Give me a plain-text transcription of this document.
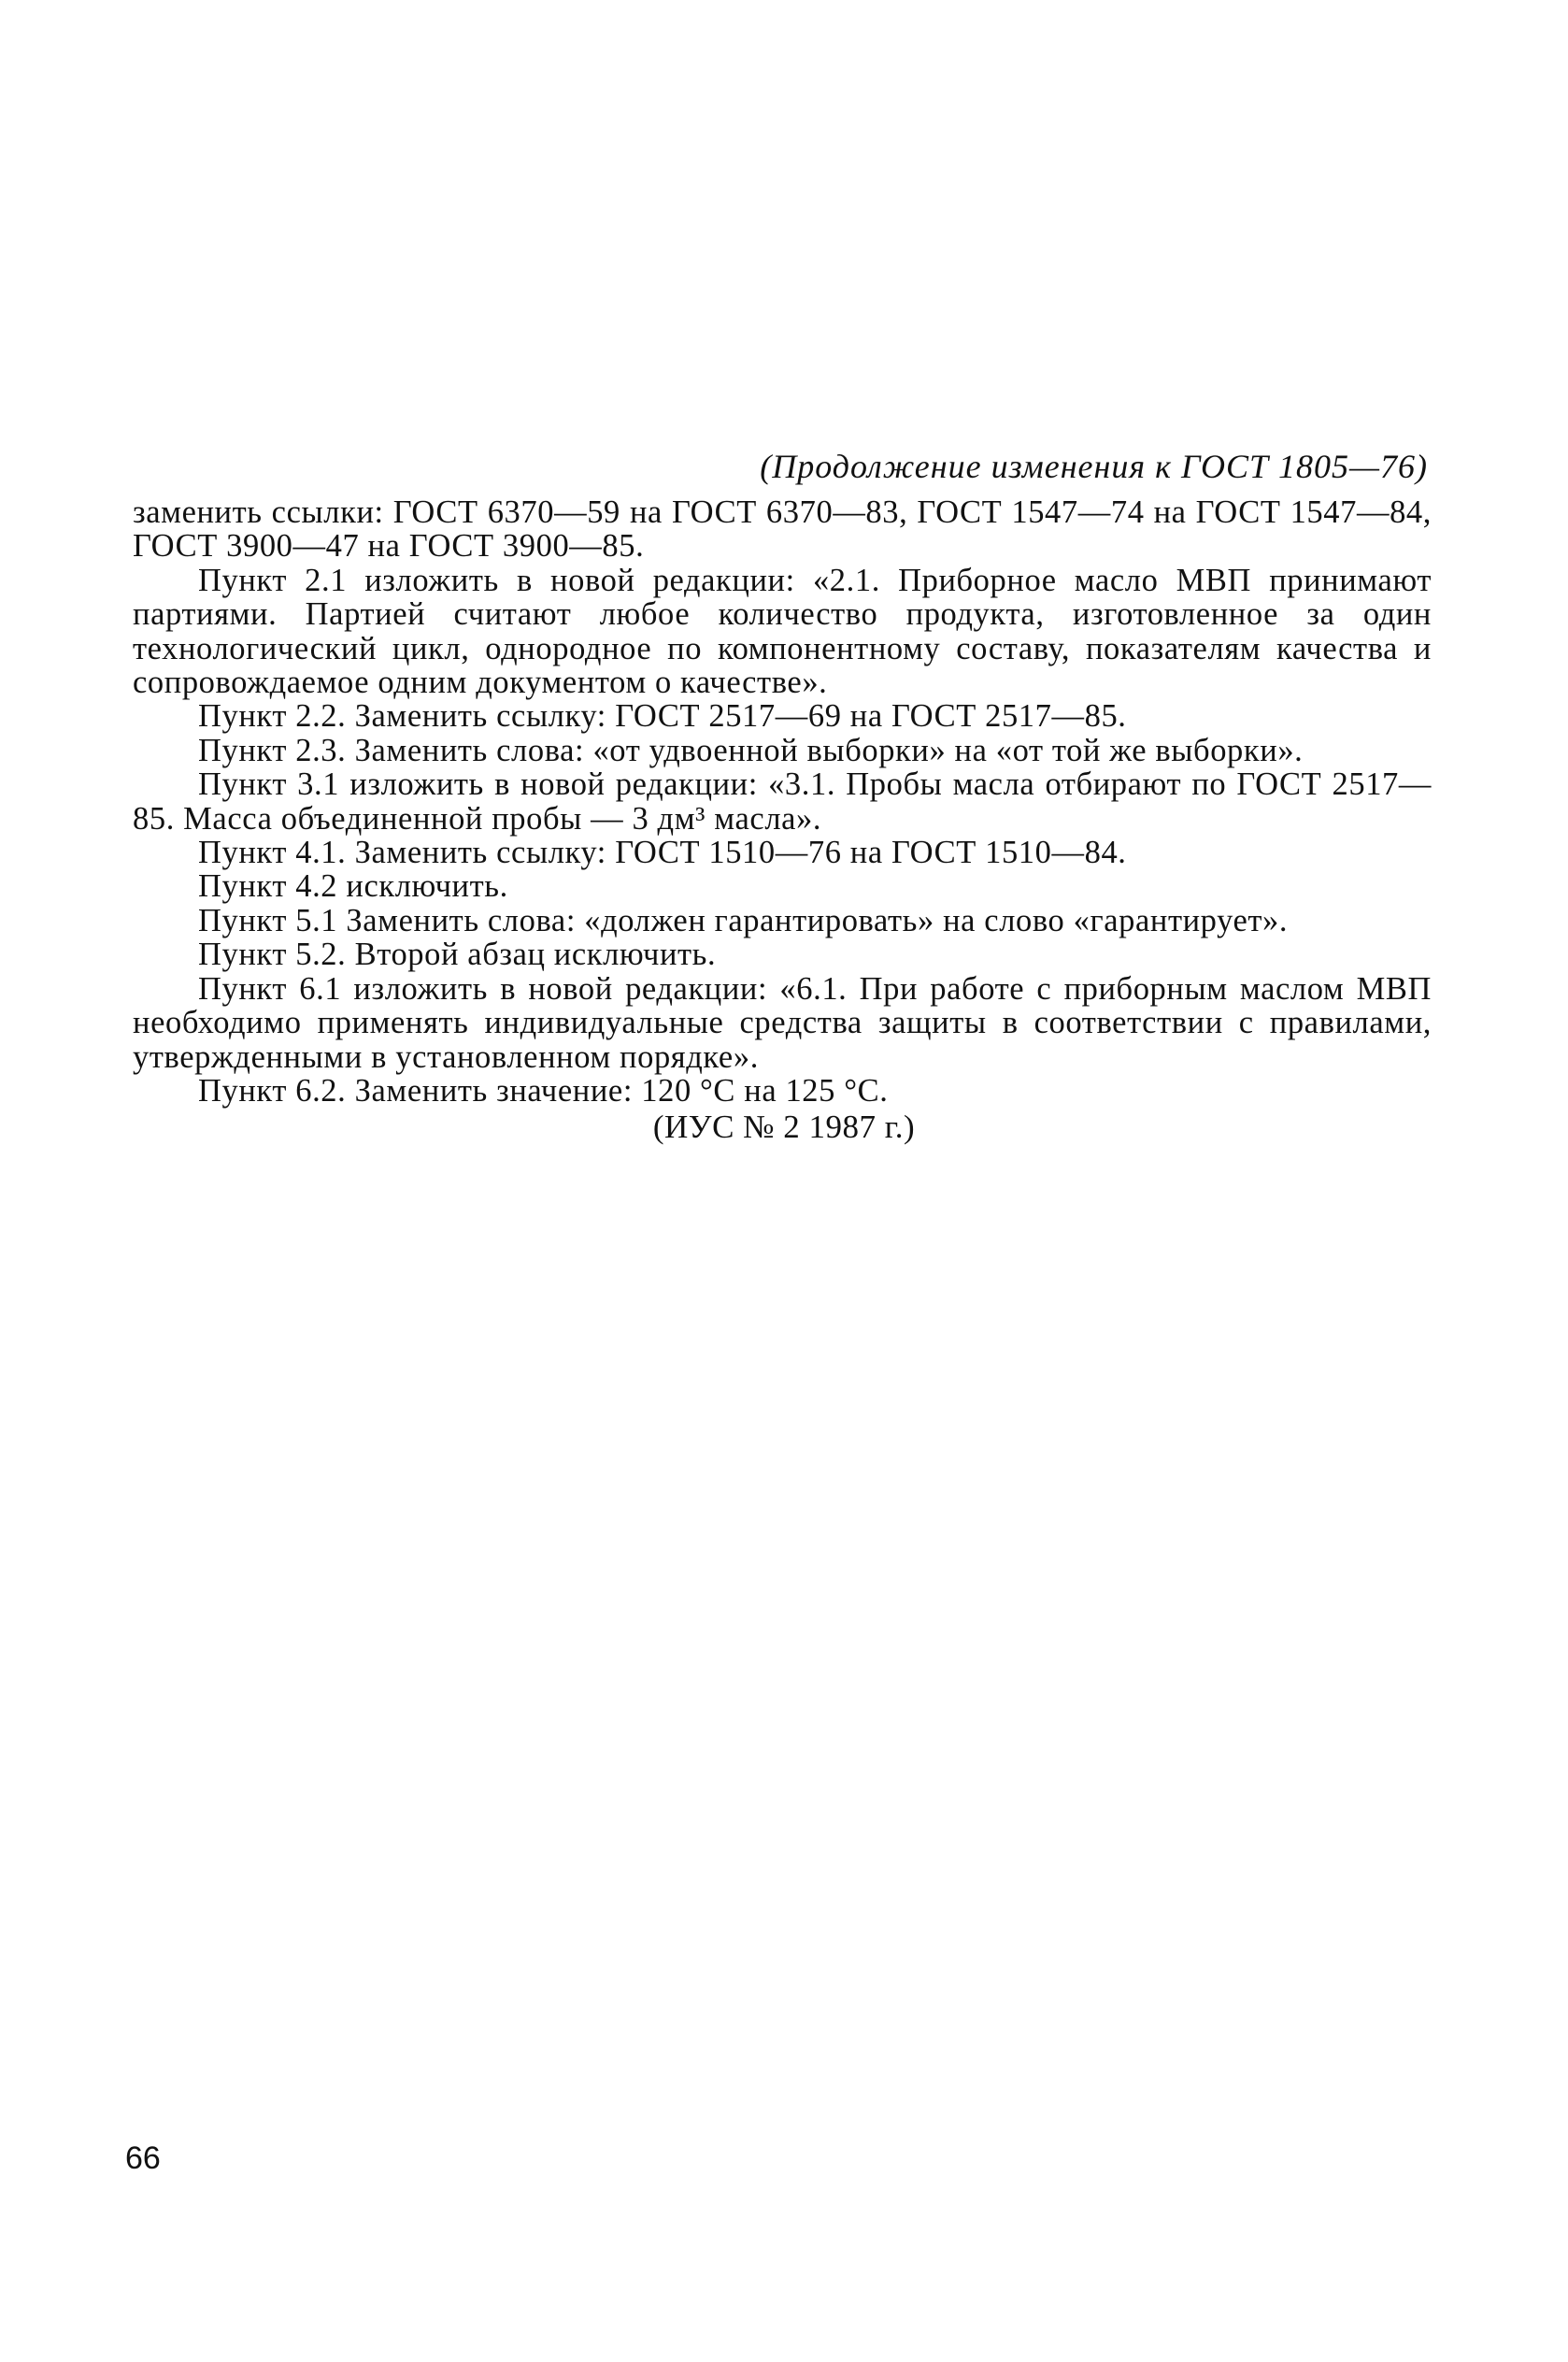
(Продолжение изменения к ГОСТ 1805—76)

заменить ссылки: ГОСТ 6370—59 на ГОСТ 6370—83, ГОСТ 1547—74 на ГОСТ 1547—84, ГОСТ 3900—47 на ГОСТ 3900—85.

Пункт 2.1 изложить в новой редакции: «2.1. Приборное масло МВП принимают партиями. Партией считают любое количество продукта, изготовленное за один технологический цикл, однородное по компонентному составу, показателям качества и сопровождаемое одним документом о качестве».

Пункт 2.2. Заменить ссылку: ГОСТ 2517—69 на ГОСТ 2517—85.

Пункт 2.3. Заменить слова: «от удвоенной выборки» на «от той же выборки».

Пункт 3.1 изложить в новой редакции: «3.1. Пробы масла отбирают по ГОСТ 2517—85. Масса объединенной пробы — 3 дм³ масла».

Пункт 4.1. Заменить ссылку: ГОСТ 1510—76 на ГОСТ 1510—84.

Пункт 4.2 исключить.

Пункт 5.1 Заменить слова: «должен гарантировать» на слово «гарантирует».

Пункт 5.2. Второй абзац исключить.

Пункт 6.1 изложить в новой редакции: «6.1. При работе с приборным маслом МВП необходимо применять индивидуальные средства защиты в соответствии с правилами, утвержденными в установленном порядке».

Пункт 6.2. Заменить значение: 120 °С на 125 °С.

(ИУС № 2 1987 г.)
66
